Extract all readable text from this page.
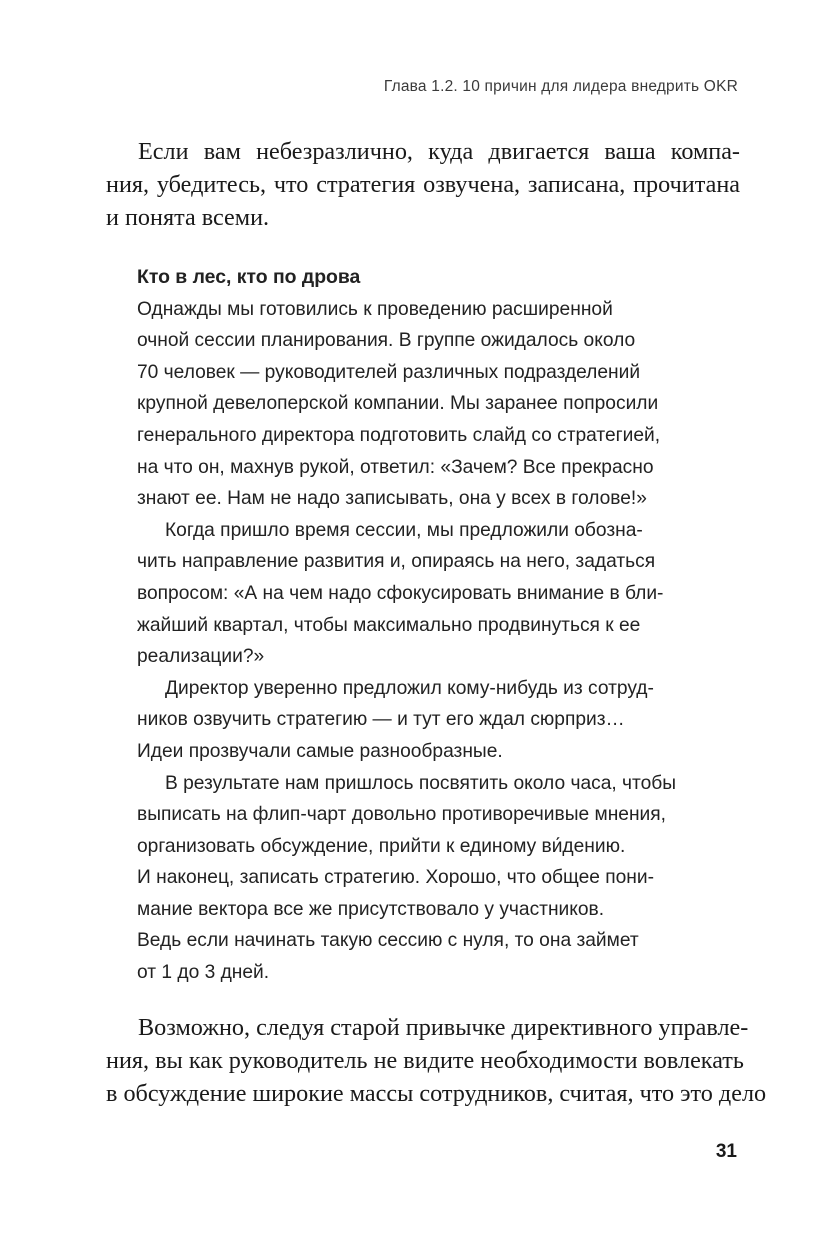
Глава 1.2. 10 причин для лидера внедрить OKR
Если вам небезразлично, куда двигается ваша компа-
ния, убедитесь, что стратегия озвучена, записана, прочитана
и понята всеми.
Кто в лес, кто по дрова
Однажды мы готовились к проведению расширенной
очной сессии планирования. В группе ожидалось около
70 человек — руководителей различных подразделений
крупной девелоперской компании. Мы заранее попросили
генерального директора подготовить слайд со стратегией,
на что он, махнув рукой, ответил: «Зачем? Все прекрасно
знают ее. Нам не надо записывать, она у всех в голове!»
Когда пришло время сессии, мы предложили обозна-
чить направление развития и, опираясь на него, задаться
вопросом: «А на чем надо сфокусировать внимание в бли-
жайший квартал, чтобы максимально продвинуться к ее
реализации?»
Директор уверенно предложил кому-нибудь из сотруд-
ников озвучить стратегию — и тут его ждал сюрприз…
Идеи прозвучали самые разнообразные.
В результате нам пришлось посвятить около часа, чтобы
выписать на флип-чарт довольно противоречивые мнения,
организовать обсуждение, прийти к единому ви́дению.
И наконец, записать стратегию. Хорошо, что общее пони-
мание вектора все же присутствовало у участников.
Ведь если начинать такую сессию с нуля, то она займет
от 1 до 3 дней.
Возможно, следуя старой привычке директивного управле-
ния, вы как руководитель не видите необходимости вовлекать
в обсуждение широкие массы сотрудников, считая, что это дело
31
